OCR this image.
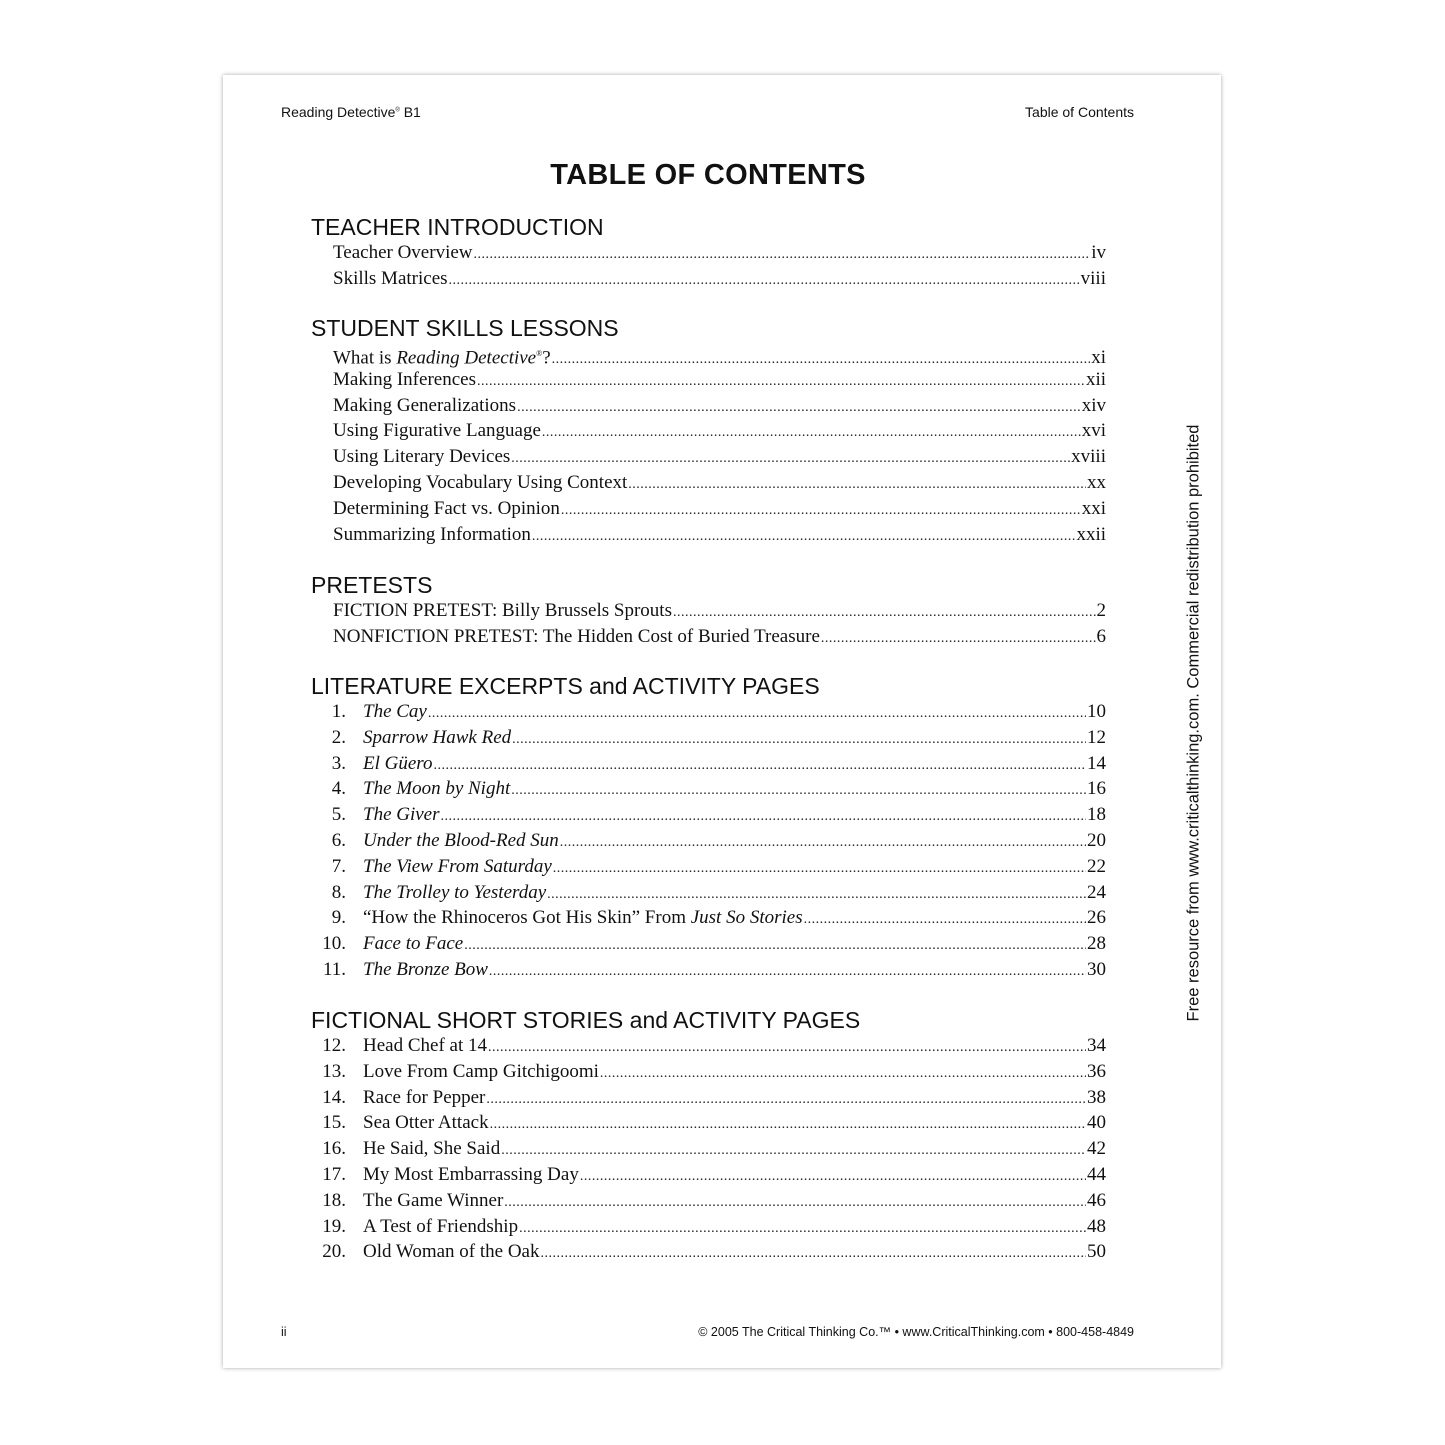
Reading Detective® B1	Table of Contents
TABLE OF CONTENTS
TEACHER INTRODUCTION
Teacher Overview .....	iv
Skills Matrices .....	viii
STUDENT SKILLS LESSONS
What is Reading Detective®? .....	xi
Making Inferences .....	xii
Making Generalizations .....	xiv
Using Figurative Language .....	xvi
Using Literary Devices .....	xviii
Developing Vocabulary Using Context .....	xx
Determining Fact vs. Opinion .....	xxi
Summarizing Information .....	xxii
PRETESTS
FICTION PRETEST: Billy Brussels Sprouts .....	2
NONFICTION PRETEST: The Hidden Cost of Buried Treasure .....	6
LITERATURE EXCERPTS and ACTIVITY PAGES
1. The Cay .....	10
2. Sparrow Hawk Red .....	12
3. El Güero .....	14
4. The Moon by Night .....	16
5. The Giver .....	18
6. Under the Blood-Red Sun .....	20
7. The View From Saturday .....	22
8. The Trolley to Yesterday .....	24
9. “How the Rhinoceros Got His Skin” From Just So Stories .....	26
10. Face to Face .....	28
11. The Bronze Bow .....	30
FICTIONAL SHORT STORIES and ACTIVITY PAGES
12. Head Chef at 14 .....	34
13. Love From Camp Gitchigoomi .....	36
14. Race for Pepper .....	38
15. Sea Otter Attack .....	40
16. He Said, She Said .....	42
17. My Most Embarrassing Day .....	44
18. The Game Winner .....	46
19. A Test of Friendship .....	48
20. Old Woman of the Oak .....	50
ii	© 2005 The Critical Thinking Co.™ • www.CriticalThinking.com • 800-458-4849
Free resource from www.criticalthinking.com. Commercial redistribution prohibited
